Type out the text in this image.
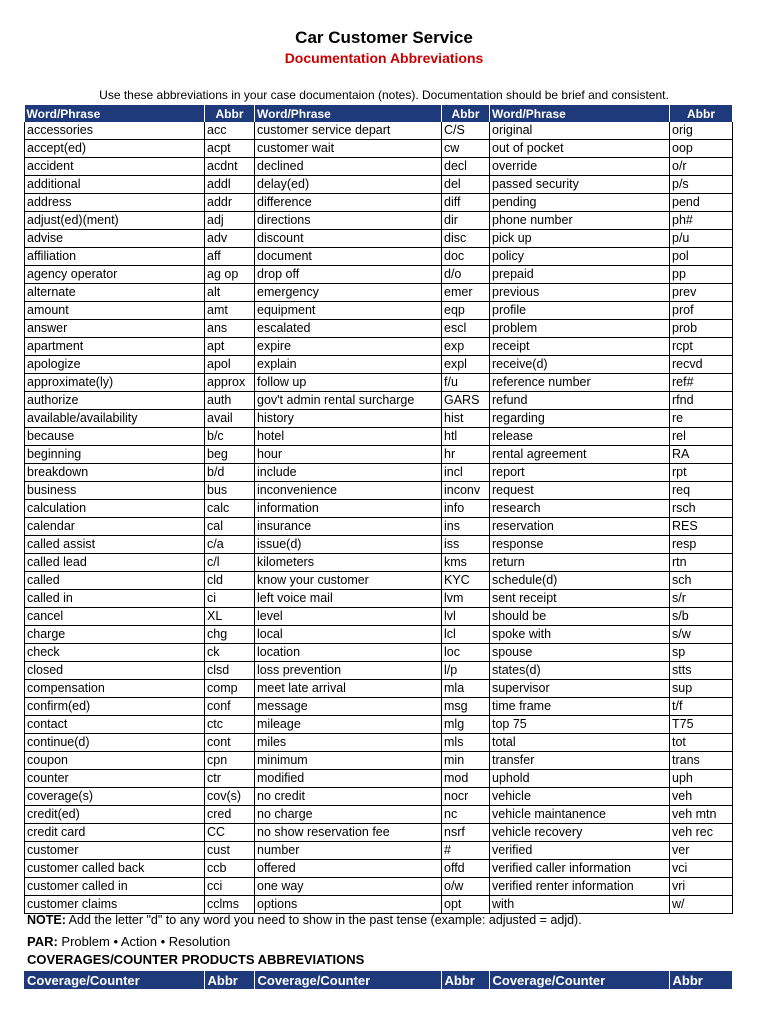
Car Customer Service
Documentation Abbreviations
Use these abbreviations in your case documentaion (notes). Documentation should be brief and consistent.
Word/Phrase	Abbr	Word/Phrase	Abbr	Word/Phrase	Abbr
accessories	acc	customer service depart	C/S	original	orig
accept(ed)	acpt	customer wait	cw	out of pocket	oop
accident	acdnt	declined	decl	override	o/r
additional	addl	delay(ed)	del	passed security	p/s
address	addr	difference	diff	pending	pend
adjust(ed)(ment)	adj	directions	dir	phone number	ph#
advise	adv	discount	disc	pick up	p/u
affiliation	aff	document	doc	policy	pol
agency operator	ag op	drop off	d/o	prepaid	pp
alternate	alt	emergency	emer	previous	prev
amount	amt	equipment	eqp	profile	prof
answer	ans	escalated	escl	problem	prob
apartment	apt	expire	exp	receipt	rcpt
apologize	apol	explain	expl	receive(d)	recvd
approximate(ly)	approx	follow up	f/u	reference number	ref#
authorize	auth	gov't admin rental surcharge	GARS	refund	rfnd
available/availability	avail	history	hist	regarding	re
because	b/c	hotel	htl	release	rel
beginning	beg	hour	hr	rental agreement	RA
breakdown	b/d	include	incl	report	rpt
business	bus	inconvenience	inconv	request	req
calculation	calc	information	info	research	rsch
calendar	cal	insurance	ins	reservation	RES
called assist	c/a	issue(d)	iss	response	resp
called lead	c/l	kilometers	kms	return	rtn
called	cld	know your customer	KYC	schedule(d)	sch
called in	ci	left voice mail	lvm	sent receipt	s/r
cancel	XL	level	lvl	should be	s/b
charge	chg	local	lcl	spoke with	s/w
check	ck	location	loc	spouse	sp
closed	clsd	loss prevention	l/p	states(d)	stts
compensation	comp	meet late arrival	mla	supervisor	sup
confirm(ed)	conf	message	msg	time frame	t/f
contact	ctc	mileage	mlg	top 75	T75
continue(d)	cont	miles	mls	total	tot
coupon	cpn	minimum	min	transfer	trans
counter	ctr	modified	mod	uphold	uph
coverage(s)	cov(s)	no credit	nocr	vehicle	veh
credit(ed)	cred	no charge	nc	vehicle maintanence	veh mtn
credit card	CC	no show reservation fee	nsrf	vehicle recovery	veh rec
customer	cust	number	#	verified	ver
customer called back	ccb	offered	offd	verified caller information	vci
customer called in	cci	one way	o/w	verified renter information	vri
customer claims	cclms	options	opt	with	w/
NOTE: Add the letter "d" to any word you need to show in the past tense (example: adjusted = adjd).
PAR: Problem • Action • Resolution
COVERAGES/COUNTER PRODUCTS ABBREVIATIONS
Coverage/Counter	Abbr	Coverage/Counter	Abbr	Coverage/Counter	Abbr
